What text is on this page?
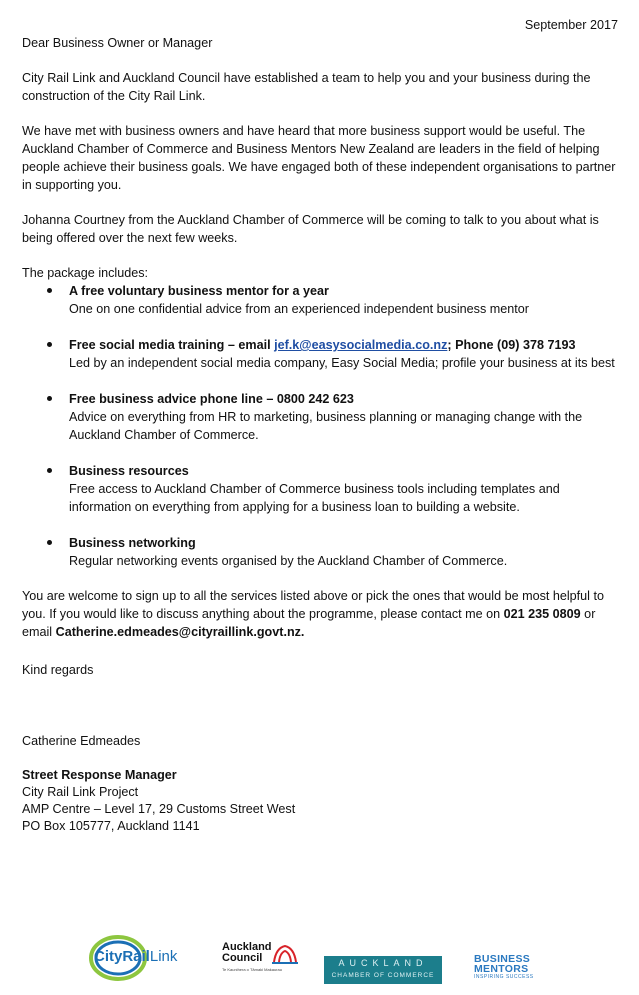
September 2017

Dear Business Owner or Manager

City Rail Link and Auckland Council have established a team to help you and your business during the construction of the City Rail Link.

We have met with business owners and have heard that more business support would be useful. The Auckland Chamber of Commerce and Business Mentors New Zealand are leaders in the field of helping people achieve their business goals. We have engaged both of these independent organisations to partner in supporting you.

Johanna Courtney from the Auckland Chamber of Commerce will be coming to talk to you about what is being offered over the next few weeks.

The package includes:

A free voluntary business mentor for a year
One on one confidential advice from an experienced independent business mentor
Free social media training – email jef.k@easysocialmedia.co.nz; Phone (09) 378 7193
Led by an independent social media company, Easy Social Media; profile your business at its best
Free business advice phone line – 0800 242 623
Advice on everything from HR to marketing, business planning or managing change with the Auckland Chamber of Commerce.
Business resources
Free access to Auckland Chamber of Commerce business tools including templates and information on everything from applying for a business loan to building a website.
Business networking
Regular networking events organised by the Auckland Chamber of Commerce.

You are welcome to sign up to all the services listed above or pick the ones that would be most helpful to you. If you would like to discuss anything about the programme, please contact me on 021 235 0809 or email Catherine.edmeades@cityraillink.govt.nz.

Kind regards

Catherine Edmeades

Street Response Manager
City Rail Link Project
AMP Centre – Level 17, 29 Customs Street West
PO Box 105777, Auckland 1141
CityRailLink
Auckland
Council
Te Kaunihera o Tāmaki Makaurau
AUCKLAND
CHAMBER OF COMMERCE
BUSINESS
MENTORS
INSPIRING SUCCESS
